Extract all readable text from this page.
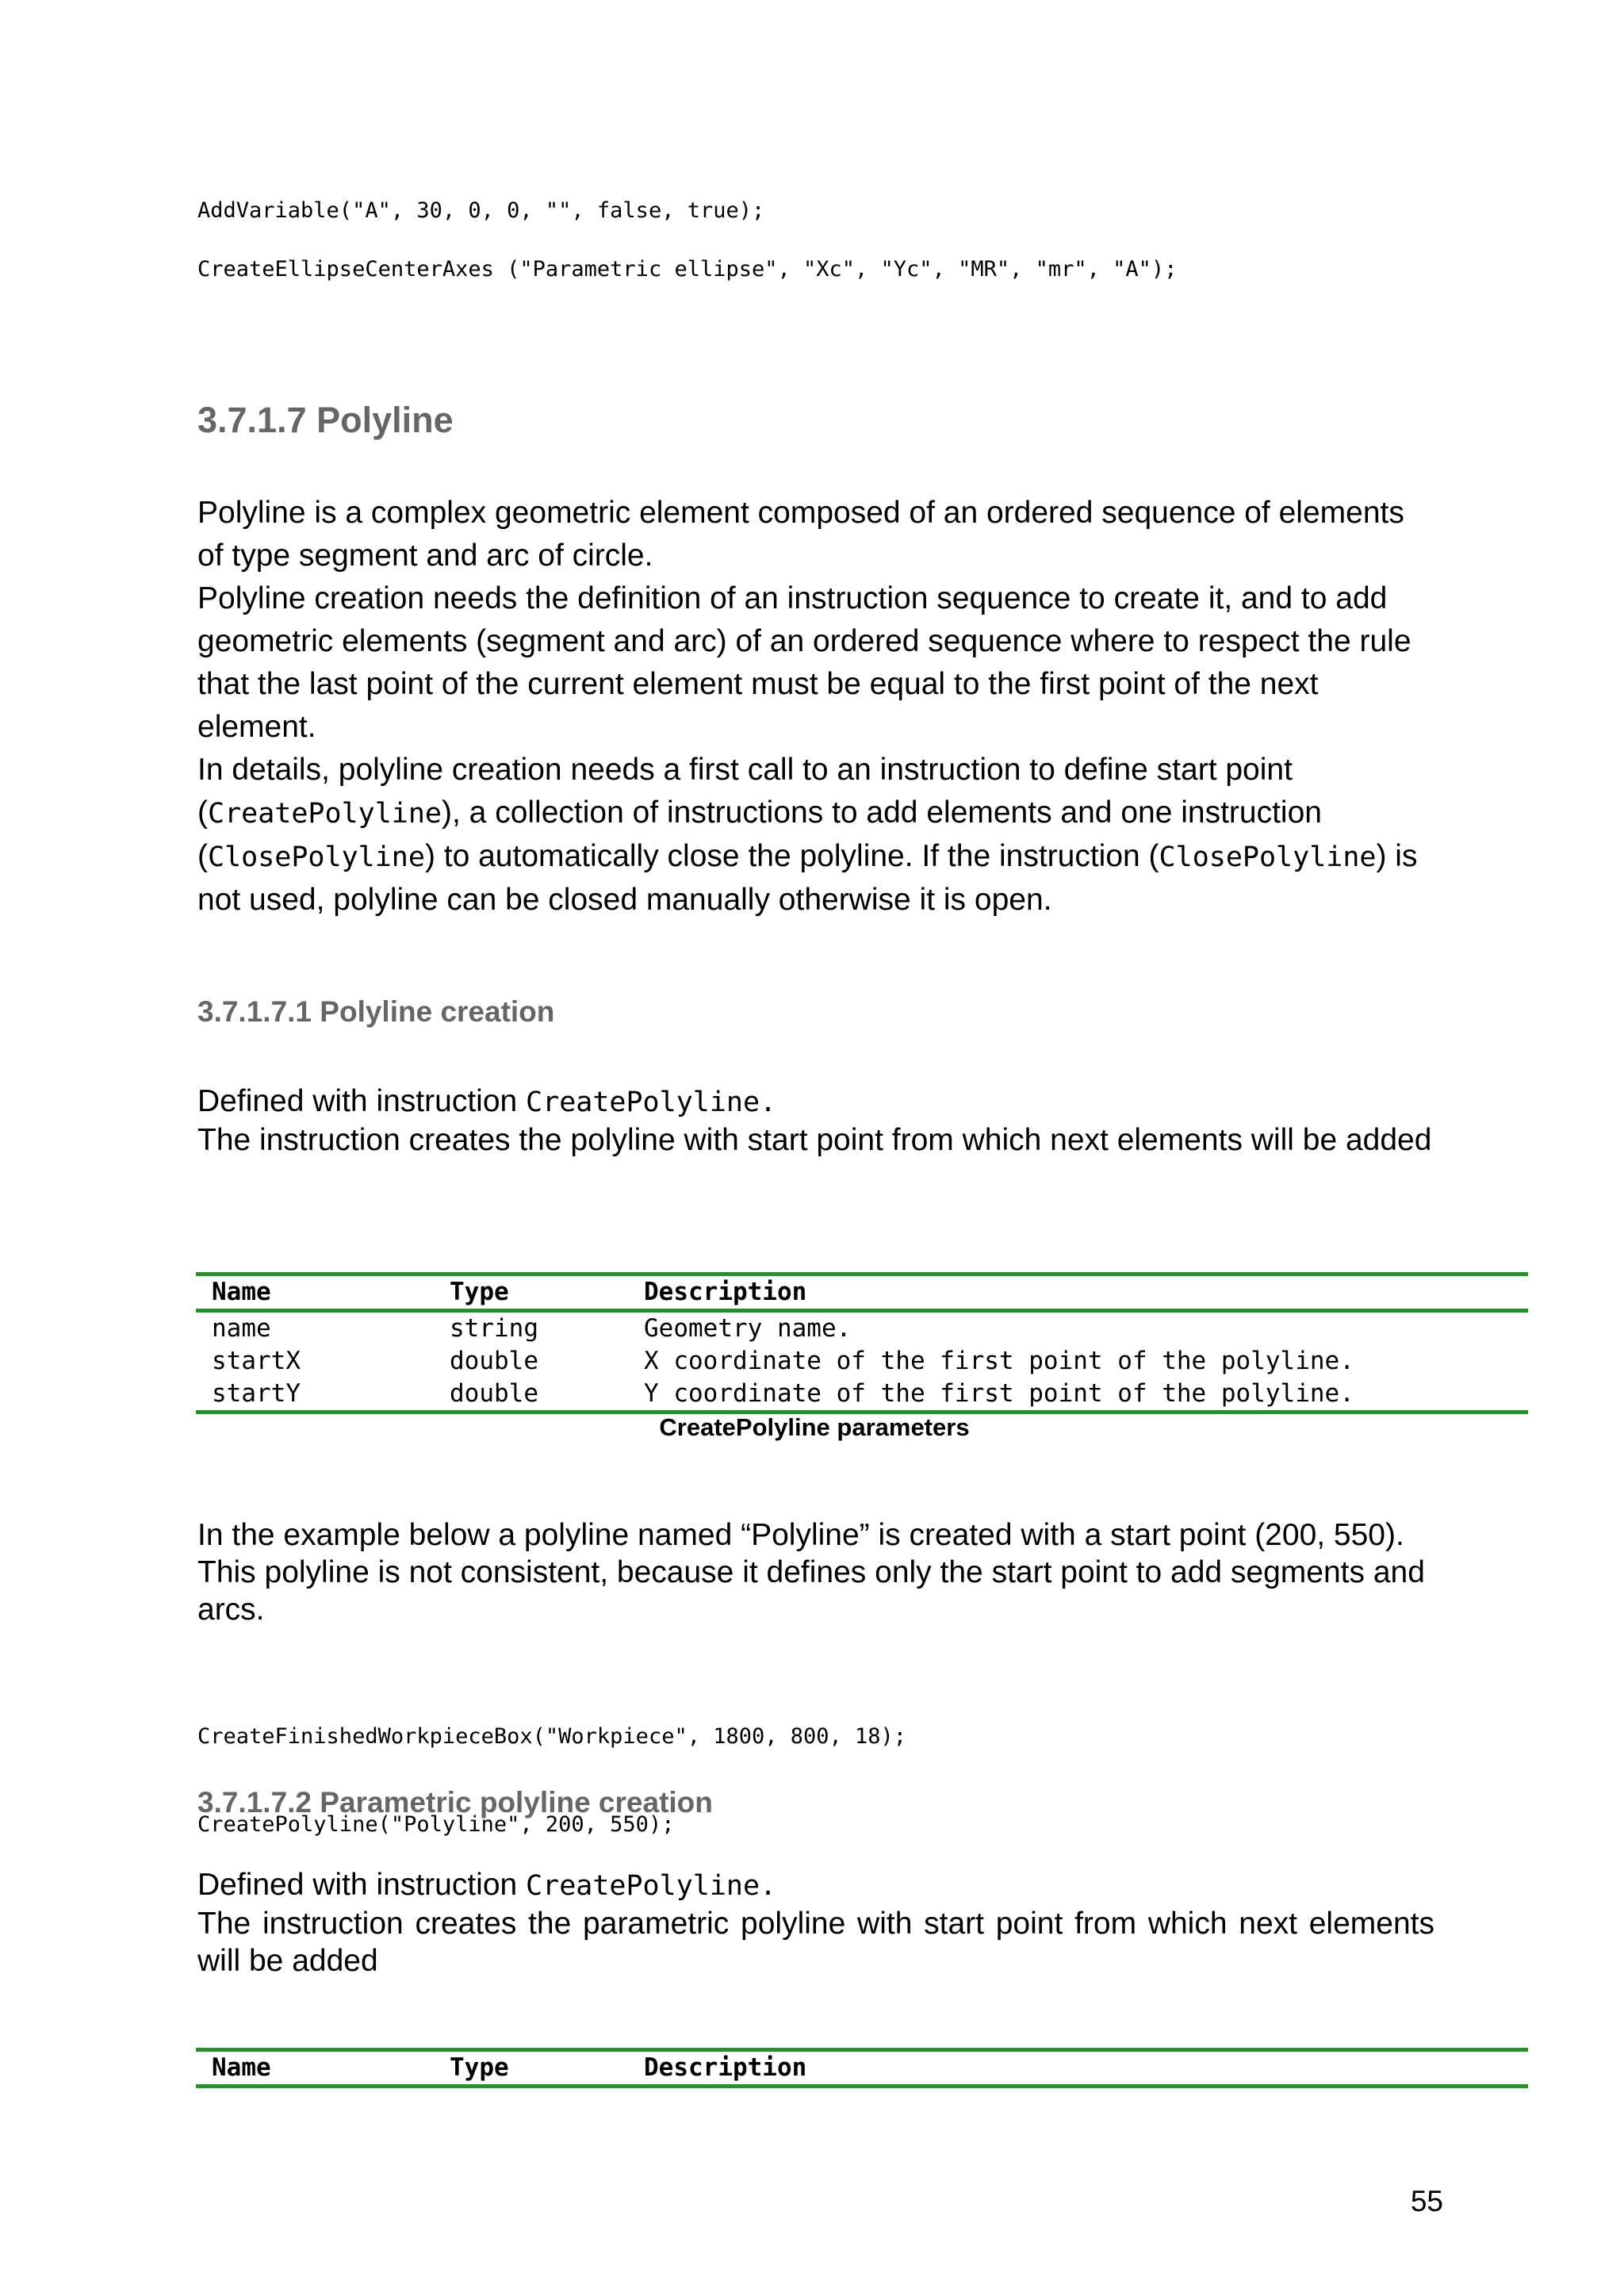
AddVariable("A", 30, 0, 0, "", false, true);

CreateEllipseCenterAxes ("Parametric ellipse", "Xc", "Yc", "MR", "mr", "A");

3.7.1.7 Polyline
Polyline is a complex geometric element composed of an ordered sequence of elements of type segment and arc of circle.
Polyline creation needs the definition of an instruction sequence to create it, and to add geometric elements (segment and arc) of an ordered sequence where to respect the rule that the last point of the current element must be equal to the first point of the next element.
In details, polyline creation needs a first call to an instruction to define start point (CreatePolyline), a collection of instructions to add elements and one instruction (ClosePolyline) to automatically close the polyline. If the instruction (ClosePolyline) is not used, polyline can be closed manually otherwise it is open.
3.7.1.7.1 Polyline creation
Defined with instruction CreatePolyline.
The instruction creates the polyline with start point from which next elements will be added
Name	Type	Description
name	string	Geometry name.
startX	double	X coordinate of the first point of the polyline.
startY	double	Y coordinate of the first point of the polyline.

CreatePolyline parameters

In the example below a polyline named “Polyline” is created with a start point (200, 550). This polyline is not consistent, because it defines only the start point to add segments and arcs.

CreateFinishedWorkpieceBox("Workpiece", 1800, 800, 18);

CreatePolyline("Polyline", 200, 550);

3.7.1.7.2 Parametric polyline creation
Defined with instruction CreatePolyline.
The instruction creates the parametric polyline with start point from which next elements will be added
Name	Type	Description

55
